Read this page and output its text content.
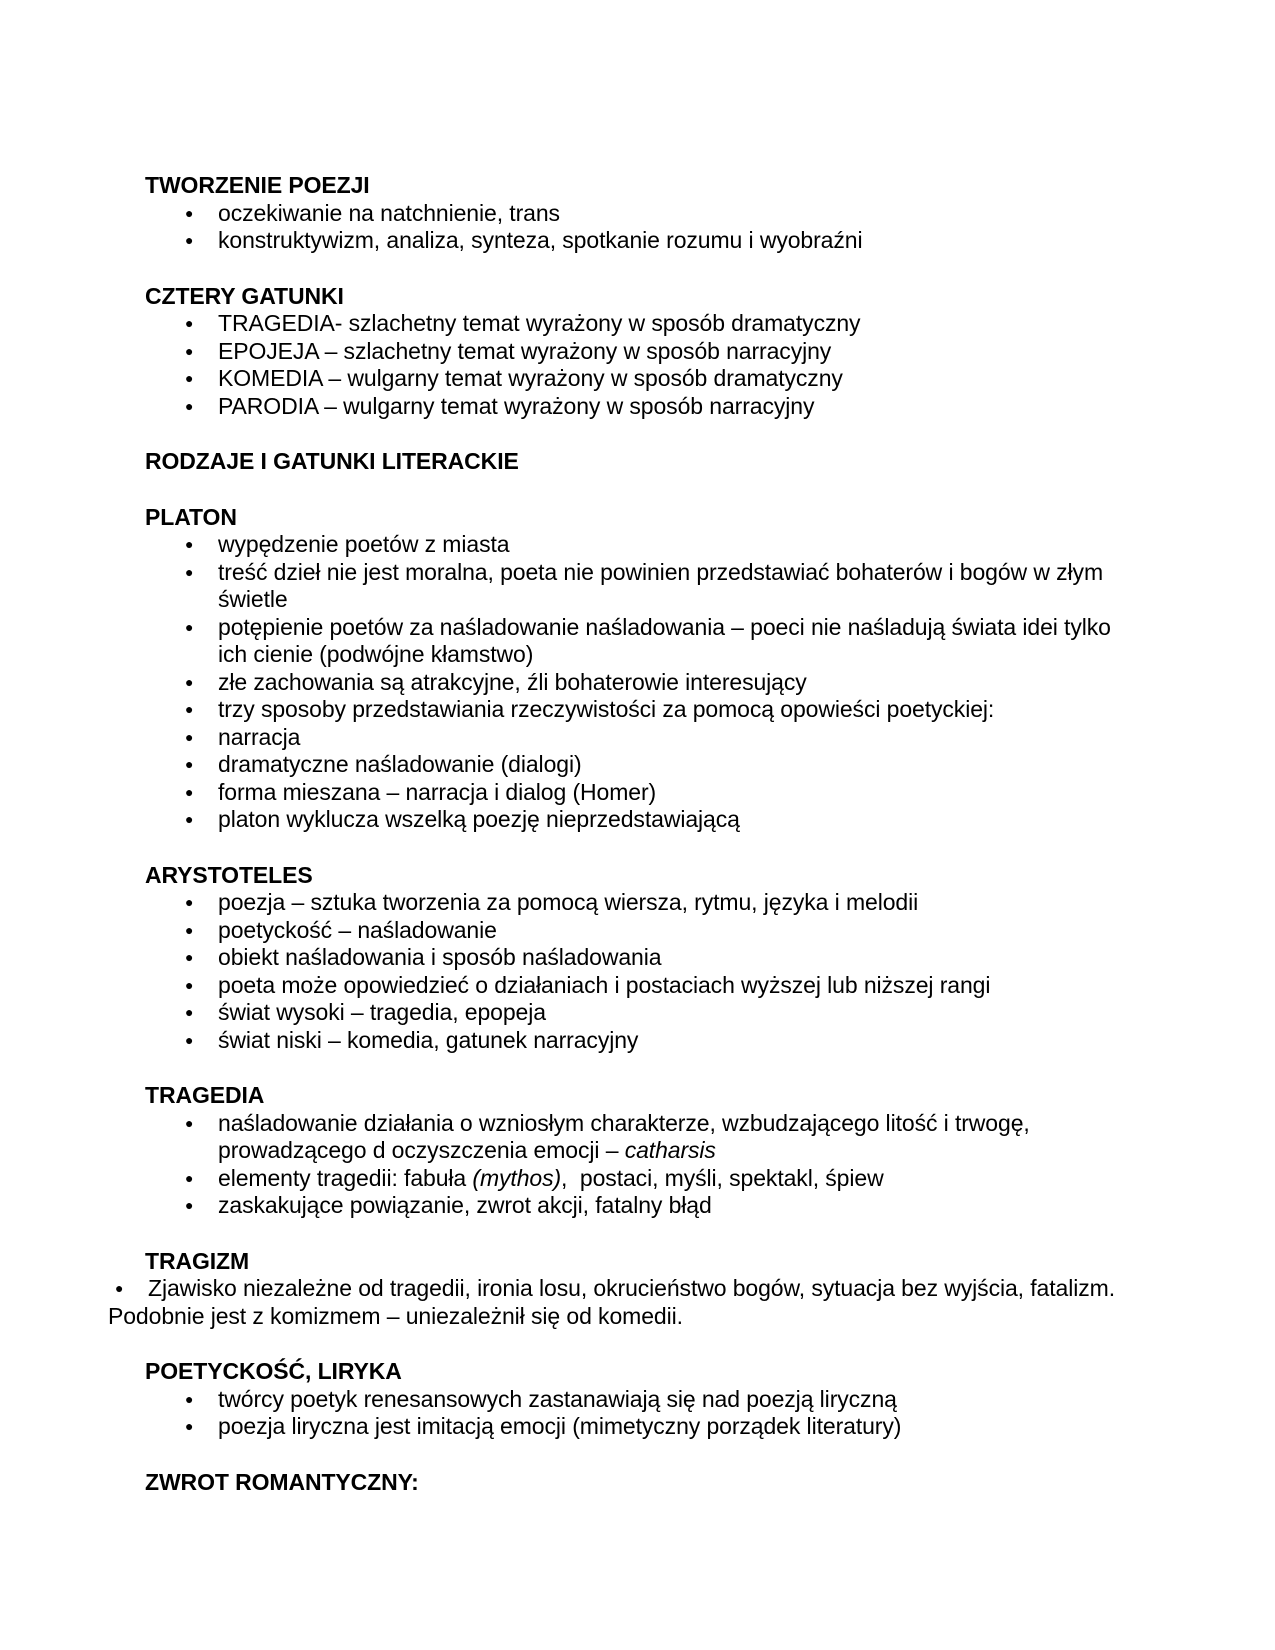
TWORZENIE POEZJI
●	oczekiwanie na natchnienie, trans
●	konstruktywizm, analiza, synteza, spotkanie rozumu i wyobraźni
CZTERY GATUNKI
●	TRAGEDIA- szlachetny temat wyrażony w sposób dramatyczny
●	EPOJEJA – szlachetny temat wyrażony w sposób narracyjny
●	KOMEDIA – wulgarny temat wyrażony w sposób dramatyczny
●	PARODIA – wulgarny temat wyrażony w sposób narracyjny
RODZAJE I GATUNKI LITERACKIE
PLATON
●	wypędzenie poetów z miasta
●	treść dzieł nie jest moralna, poeta nie powinien przedstawiać bohaterów i bogów w złym
świetle
●	potępienie poetów za naśladowanie naśladowania – poeci nie naśladują świata idei tylko
ich cienie (podwójne kłamstwo)
●	złe zachowania są atrakcyjne, źli bohaterowie interesujący
●	trzy sposoby przedstawiania rzeczywistości za pomocą opowieści poetyckiej:
●	narracja
●	dramatyczne naśladowanie (dialogi)
●	forma mieszana – narracja i dialog (Homer)
●	platon wyklucza wszelką poezję nieprzedstawiającą
ARYSTOTELES
●	poezja – sztuka tworzenia za pomocą wiersza, rytmu, języka i melodii
●	poetyckość – naśladowanie
●	obiekt naśladowania i sposób naśladowania
●	poeta może opowiedzieć o działaniach i postaciach wyższej lub niższej rangi
●	świat wysoki – tragedia, epopeja
●	świat niski – komedia, gatunek narracyjny
TRAGEDIA
●	naśladowanie działania o wzniosłym charakterze, wzbudzającego litość i trwogę,
prowadzącego d oczyszczenia emocji – catharsis
●	elementy tragedii: fabuła (mythos),  postaci, myśli, spektakl, śpiew
●	zaskakujące powiązanie, zwrot akcji, fatalny błąd
TRAGIZM
●	Zjawisko niezależne od tragedii, ironia losu, okrucieństwo bogów, sytuacja bez wyjścia, fatalizm.
Podobnie jest z komizmem – uniezależnił się od komedii.
POETYCKOŚĆ, LIRYKA
●	twórcy poetyk renesansowych zastanawiają się nad poezją liryczną
●	poezja liryczna jest imitacją emocji (mimetyczny porządek literatury)
ZWROT ROMANTYCZNY:
